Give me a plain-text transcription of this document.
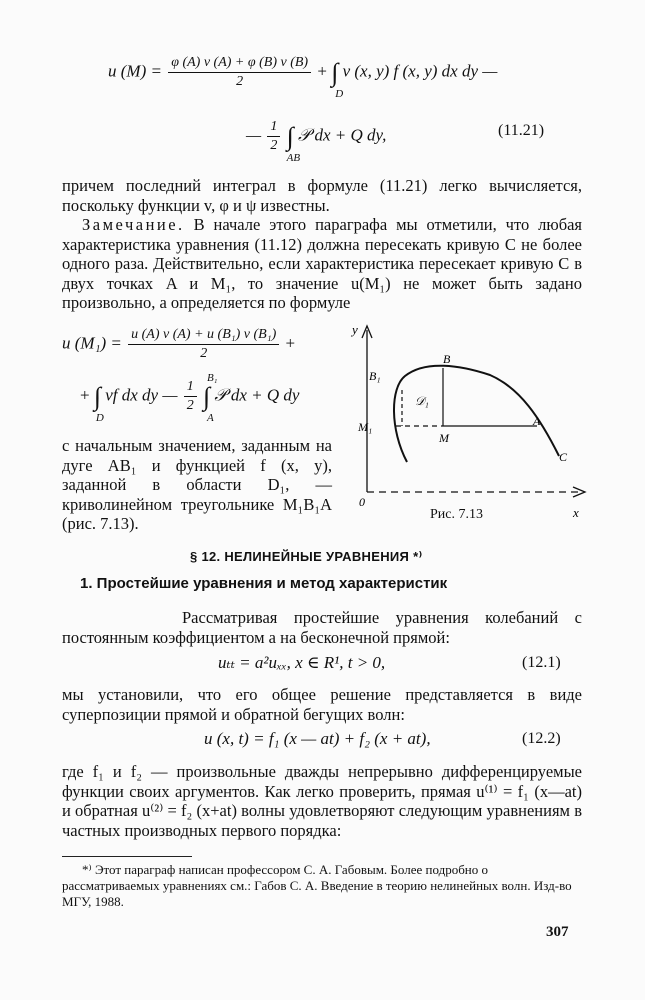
u $(M) = \frac{\varphi (A) v (A) + \varphi (B) v (B)}{2}$ + ∫
D
v (x, y) f (x, y) dx dy —
— $\frac{1}{2}$ ∫
AB
𝒫 dx + Q dy,	(11.21)
причем последний интеграл в формуле (11.21) легко вычисляется, поскольку функции v, φ и ψ известны.
Замечание. В начале этого параграфа мы отметили, что любая характеристика уравнения (11.12) должна пересекать кривую C не более одного раза. Действительно, если характеристика пересекает кривую C в двух точках A и M₁, то значение u(M₁) не может быть задано произвольно, а определяется по формуле
u $(M_1) = \frac{\text{u (A) v (A) + u (B₁) v (B₁)}}{2}$ +
+ ∫
D
vf dx dy — $\frac{1}{2}$

B₁
∫
A
𝒫 dx + Q dy
с начальным значением, заданным на дуге AB₁ и функцией f (x, y), заданной в области D₁, — криволинейном треугольнике M₁B₁A (рис. 7.13).
y
x
0
B
B₁
𝒟₁
M₁
M
A
C
Рис. 7.13
§ 12. НЕЛИНЕЙНЫЕ УРАВНЕНИЯ *⁾
1. Простейшие уравнения и метод характеристик
Рассматривая простейшие уравнения колебаний с постоянным коэффициентом a на бесконечной прямой:
uₜₜ = a²uₓₓ, x ∈ R¹, t > 0,	(12.1)
мы установили, что его общее решение представляется в виде суперпозиции прямой и обратной бегущих волн:
u (x, t) = f₁ (x — at) + f₂ (x + at),	(12.2)
где f₁ и f₂ — произвольные дважды непрерывно дифференцируемые функции своих аргументов. Как легко проверить, прямая u⁽¹⁾ = f₁ (x—at) и обратная u⁽²⁾ = f₂ (x+at) волны удовлетворяют следующим уравнениям в частных производных первого порядка:
*⁾ Этот параграф написан профессором С. А. Габовым. Более подробно о рассматриваемых уравнениях см.: Габов С. А. Введение в теорию нелинейных волн. Изд-во МГУ, 1988.
307
